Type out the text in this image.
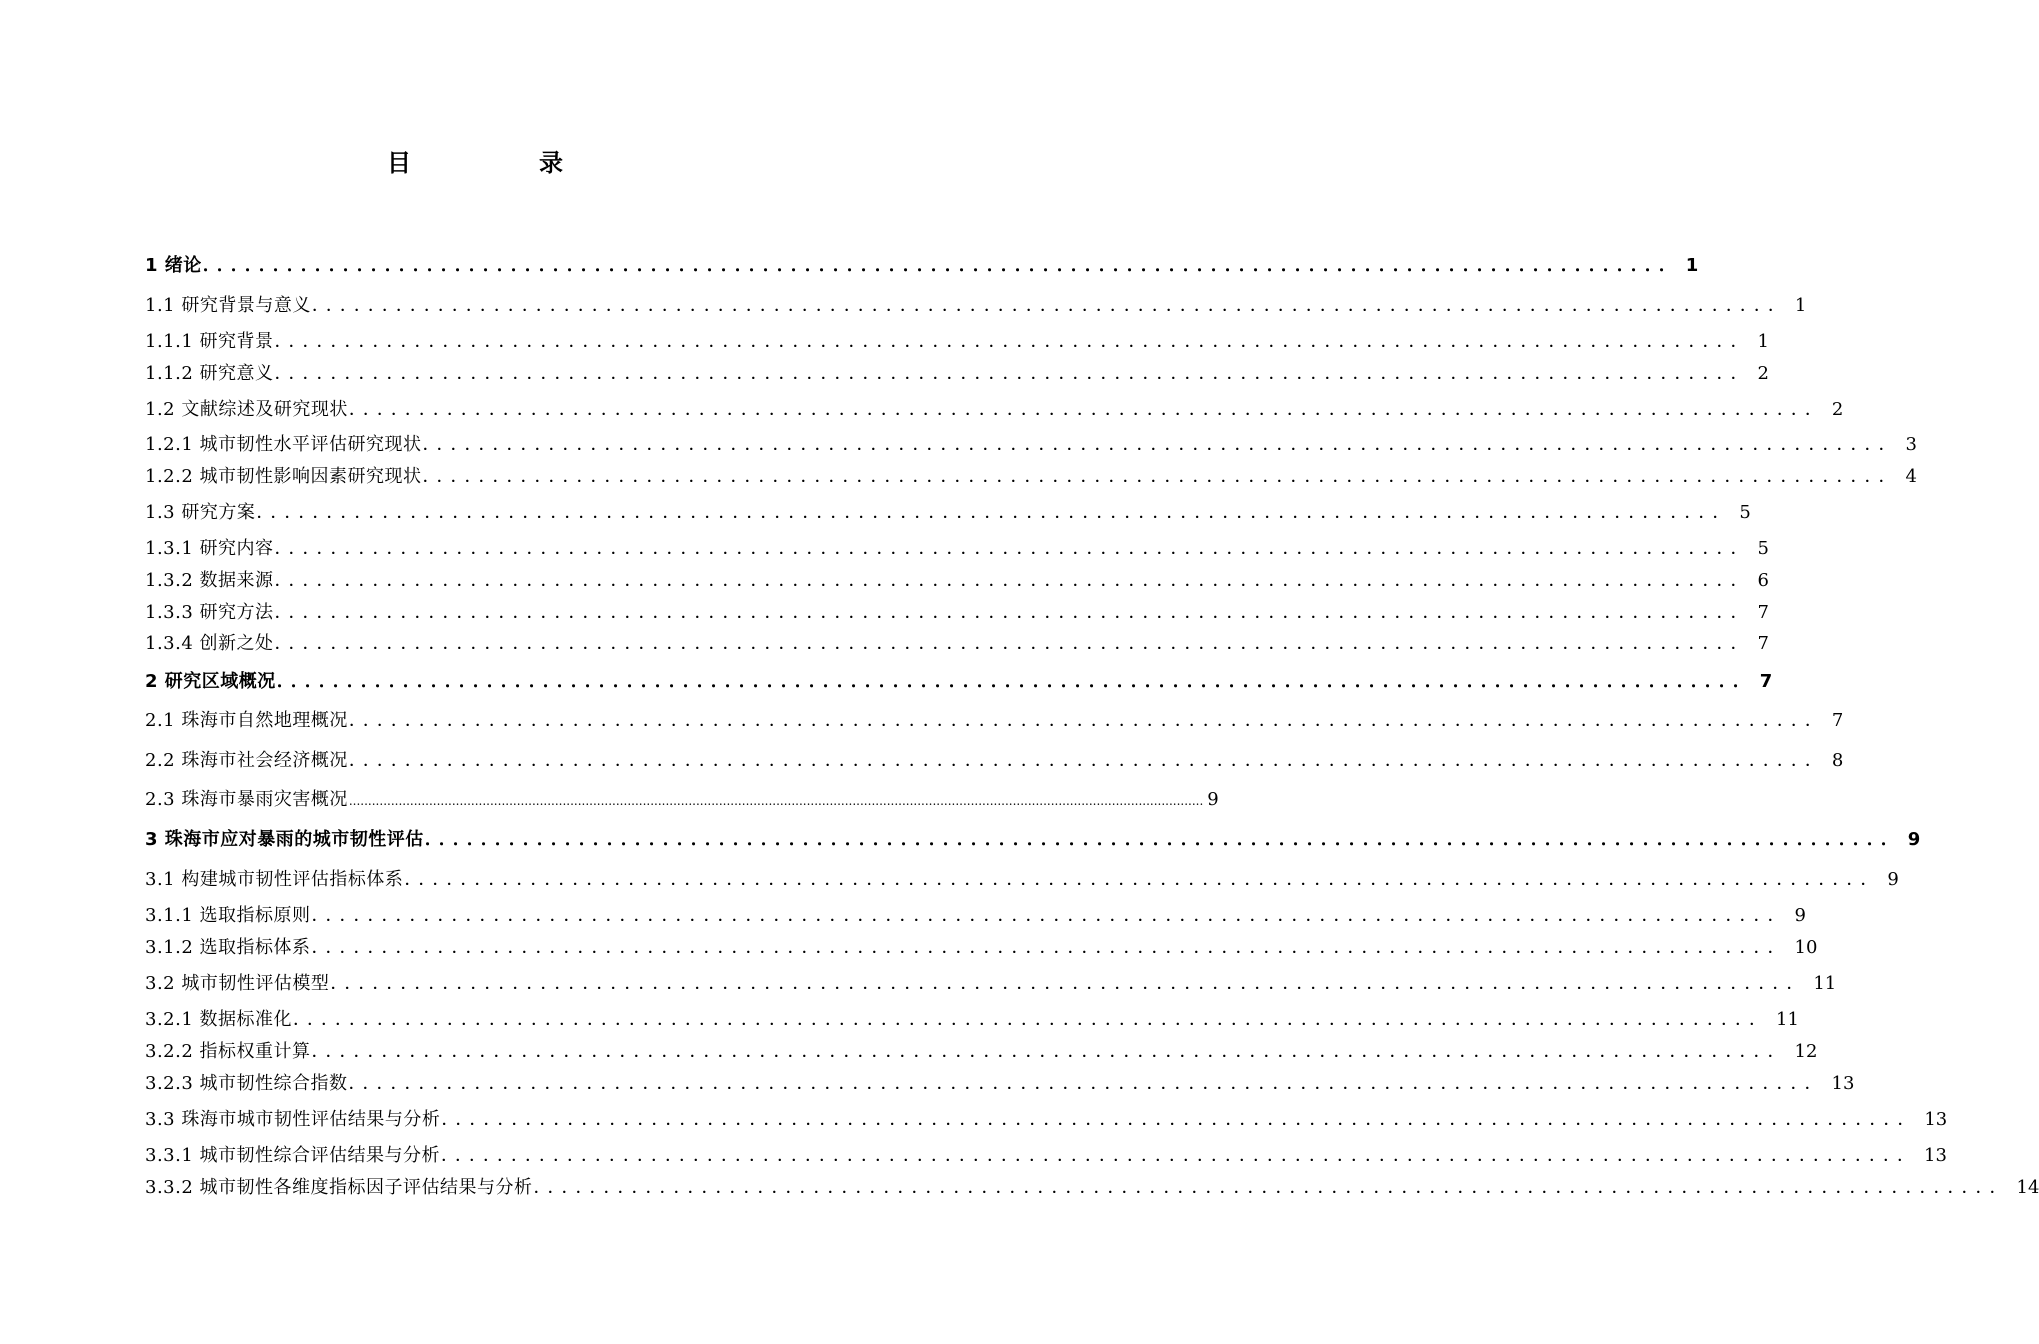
目　录
1 绪论 ．．．．．．．．．．．．．．．．．．．．．．．．．．．．．．．．．．．．．．．．．．．．．．．．．．．．．．．．．．．．．．．．．．．．．．．．．．．．．．．．．．．．．．．．．．．．．．．．．．．．．．．．． 1
1.1 研究背景与意义 ．．．．．．．．．．．．．．．．．．．．．．．．．．．．．．．．．．．．．．．．．．．．．．．．．．．．．．．．．．．．．．．．．．．．．．．．．．．．．．．．．．．．．．．．．．．．．．．．．．．．．．．．． 1
1.1.1 研究背景 ．．．．．．．．．．．．．．．．．．．．．．．．．．．．．．．．．．．．．．．．．．．．．．．．．．．．．．．．．．．．．．．．．．．．．．．．．．．．．．．．．．．．．．．．．．．．．．．．．．．．．．．．． 1
1.1.2 研究意义 ．．．．．．．．．．．．．．．．．．．．．．．．．．．．．．．．．．．．．．．．．．．．．．．．．．．．．．．．．．．．．．．．．．．．．．．．．．．．．．．．．．．．．．．．．．．．．．．．．．．．．．．．． 2
1.2 文献综述及研究现状 ．．．．．．．．．．．．．．．．．．．．．．．．．．．．．．．．．．．．．．．．．．．．．．．．．．．．．．．．．．．．．．．．．．．．．．．．．．．．．．．．．．．．．．．．．．．．．．．．．．．．．．．．． 2
1.2.1 城市韧性水平评估研究现状 ．．．．．．．．．．．．．．．．．．．．．．．．．．．．．．．．．．．．．．．．．．．．．．．．．．．．．．．．．．．．．．．．．．．．．．．．．．．．．．．．．．．．．．．．．．．．．．．．．．．．．．．．． 3
1.2.2 城市韧性影响因素研究现状 ．．．．．．．．．．．．．．．．．．．．．．．．．．．．．．．．．．．．．．．．．．．．．．．．．．．．．．．．．．．．．．．．．．．．．．．．．．．．．．．．．．．．．．．．．．．．．．．．．．．．．．．．． 4
1.3 研究方案 ．．．．．．．．．．．．．．．．．．．．．．．．．．．．．．．．．．．．．．．．．．．．．．．．．．．．．．．．．．．．．．．．．．．．．．．．．．．．．．．．．．．．．．．．．．．．．．．．．．．．．．．．． 5
1.3.1 研究内容 ．．．．．．．．．．．．．．．．．．．．．．．．．．．．．．．．．．．．．．．．．．．．．．．．．．．．．．．．．．．．．．．．．．．．．．．．．．．．．．．．．．．．．．．．．．．．．．．．．．．．．．．．． 5
1.3.2 数据来源 ．．．．．．．．．．．．．．．．．．．．．．．．．．．．．．．．．．．．．．．．．．．．．．．．．．．．．．．．．．．．．．．．．．．．．．．．．．．．．．．．．．．．．．．．．．．．．．．．．．．．．．．．． 6
1.3.3 研究方法 ．．．．．．．．．．．．．．．．．．．．．．．．．．．．．．．．．．．．．．．．．．．．．．．．．．．．．．．．．．．．．．．．．．．．．．．．．．．．．．．．．．．．．．．．．．．．．．．．．．．．．．．．． 7
1.3.4 创新之处 ．．．．．．．．．．．．．．．．．．．．．．．．．．．．．．．．．．．．．．．．．．．．．．．．．．．．．．．．．．．．．．．．．．．．．．．．．．．．．．．．．．．．．．．．．．．．．．．．．．．．．．．．． 7
2 研究区域概况 ．．．．．．．．．．．．．．．．．．．．．．．．．．．．．．．．．．．．．．．．．．．．．．．．．．．．．．．．．．．．．．．．．．．．．．．．．．．．．．．．．．．．．．．．．．．．．．．．．．．．．．．．． 7
2.1 珠海市自然地理概况 ．．．．．．．．．．．．．．．．．．．．．．．．．．．．．．．．．．．．．．．．．．．．．．．．．．．．．．．．．．．．．．．．．．．．．．．．．．．．．．．．．．．．．．．．．．．．．．．．．．．．．．．．． 7
2.2 珠海市社会经济概况 ．．．．．．．．．．．．．．．．．．．．．．．．．．．．．．．．．．．．．．．．．．．．．．．．．．．．．．．．．．．．．．．．．．．．．．．．．．．．．．．．．．．．．．．．．．．．．．．．．．．．．．．．． 8
2.3 珠海市暴雨灾害概况 ................................................................................................................................................................................................................................ 9
3 珠海市应对暴雨的城市韧性评估 ．．．．．．．．．．．．．．．．．．．．．．．．．．．．．．．．．．．．．．．．．．．．．．．．．．．．．．．．．．．．．．．．．．．．．．．．．．．．．．．．．．．．．．．．．．．．．．．．．．．．．．．．． 9
3.1 构建城市韧性评估指标体系 ．．．．．．．．．．．．．．．．．．．．．．．．．．．．．．．．．．．．．．．．．．．．．．．．．．．．．．．．．．．．．．．．．．．．．．．．．．．．．．．．．．．．．．．．．．．．．．．．．．．．．．．．． 9
3.1.1 选取指标原则 ．．．．．．．．．．．．．．．．．．．．．．．．．．．．．．．．．．．．．．．．．．．．．．．．．．．．．．．．．．．．．．．．．．．．．．．．．．．．．．．．．．．．．．．．．．．．．．．．．．．．．．．．． 9
3.1.2 选取指标体系 ．．．．．．．．．．．．．．．．．．．．．．．．．．．．．．．．．．．．．．．．．．．．．．．．．．．．．．．．．．．．．．．．．．．．．．．．．．．．．．．．．．．．．．．．．．．．．．．．．．．．．．．．． 10
3.2 城市韧性评估模型 ．．．．．．．．．．．．．．．．．．．．．．．．．．．．．．．．．．．．．．．．．．．．．．．．．．．．．．．．．．．．．．．．．．．．．．．．．．．．．．．．．．．．．．．．．．．．．．．．．．．．．．．．． 11
3.2.1 数据标准化 ．．．．．．．．．．．．．．．．．．．．．．．．．．．．．．．．．．．．．．．．．．．．．．．．．．．．．．．．．．．．．．．．．．．．．．．．．．．．．．．．．．．．．．．．．．．．．．．．．．．．．．．．． 11
3.2.2 指标权重计算 ．．．．．．．．．．．．．．．．．．．．．．．．．．．．．．．．．．．．．．．．．．．．．．．．．．．．．．．．．．．．．．．．．．．．．．．．．．．．．．．．．．．．．．．．．．．．．．．．．．．．．．．．． 12
3.2.3 城市韧性综合指数 ．．．．．．．．．．．．．．．．．．．．．．．．．．．．．．．．．．．．．．．．．．．．．．．．．．．．．．．．．．．．．．．．．．．．．．．．．．．．．．．．．．．．．．．．．．．．．．．．．．．．．．．．． 13
3.3 珠海市城市韧性评估结果与分析 ．．．．．．．．．．．．．．．．．．．．．．．．．．．．．．．．．．．．．．．．．．．．．．．．．．．．．．．．．．．．．．．．．．．．．．．．．．．．．．．．．．．．．．．．．．．．．．．．．．．．．．．．． 13
3.3.1 城市韧性综合评估结果与分析 ．．．．．．．．．．．．．．．．．．．．．．．．．．．．．．．．．．．．．．．．．．．．．．．．．．．．．．．．．．．．．．．．．．．．．．．．．．．．．．．．．．．．．．．．．．．．．．．．．．．．．．．．． 13
3.3.2 城市韧性各维度指标因子评估结果与分析 ．．．．．．．．．．．．．．．．．．．．．．．．．．．．．．．．．．．．．．．．．．．．．．．．．．．．．．．．．．．．．．．．．．．．．．．．．．．．．．．．．．．．．．．．．．．．．．．．．．．．．．．．． 14
